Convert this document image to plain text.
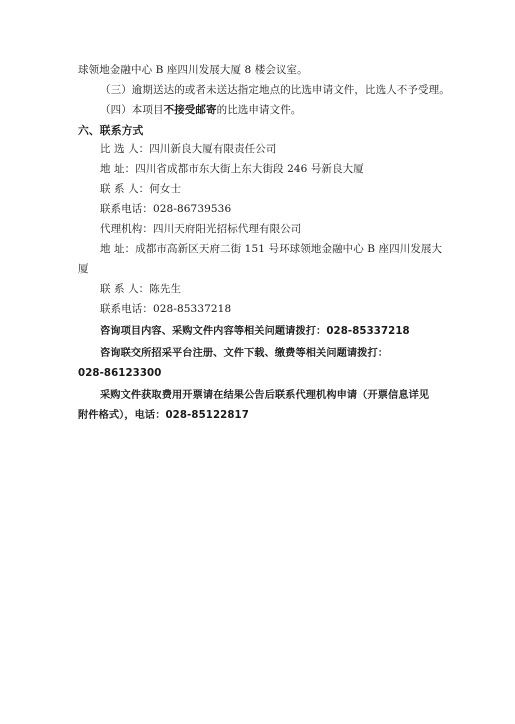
球领地金融中心 B 座四川发展大厦 8 楼会议室。
（三）逾期送达的或者未送达指定地点的比选申请文件，比选人不予受理。
（四）本项目不接受邮寄的比选申请文件。
六、联系方式
比 选 人：四川新良大厦有限责任公司
地 址：四川省成都市东大街上东大街段 246 号新良大厦
联 系 人：何女士
联系电话：028-86739536
代理机构：四川天府阳光招标代理有限公司
地 址：成都市高新区天府二街 151 号环球领地金融中心 B 座四川发展大
厦
联 系 人：陈先生
联系电话：028-85337218
咨询项目内容、采购文件内容等相关问题请拨打：028-85337218
咨询联交所招采平台注册、文件下载、缴费等相关问题请拨打：
028-86123300
采购文件获取费用开票请在结果公告后联系代理机构申请（开票信息详见
附件格式），电话：028-85122817
